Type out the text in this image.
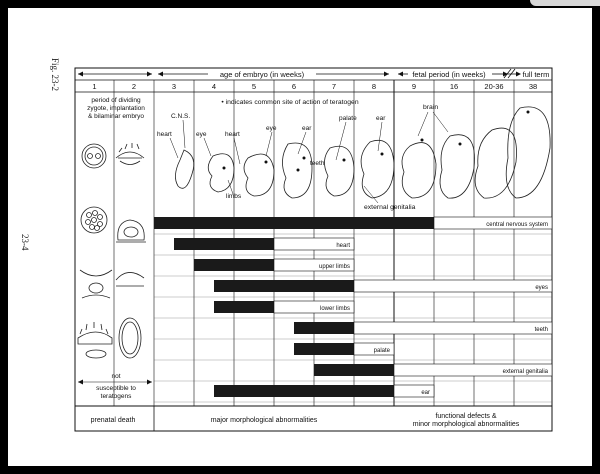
Fig. 23-2
23-4
age of embryo (in weeks)	fetal period (in weeks)	full term
1	2	3	4	5	6	7	8	9	16	20-36	38
period of dividing
zygote, implantation
& bilaminar embryo
• indicates common site of action of teratogen
C.N.S.
heart	eye	heart
eye	ear
palate	ear
teeth
limbs
brain
external genitalia
central nervous system
heart
upper limbs
eyes
lower limbs
teeth
palate
external genitalia
ear
not
susceptible to
teratogens
prenatal death	major morphological abnormalities
functional defects &
minor morphological abnormalities
